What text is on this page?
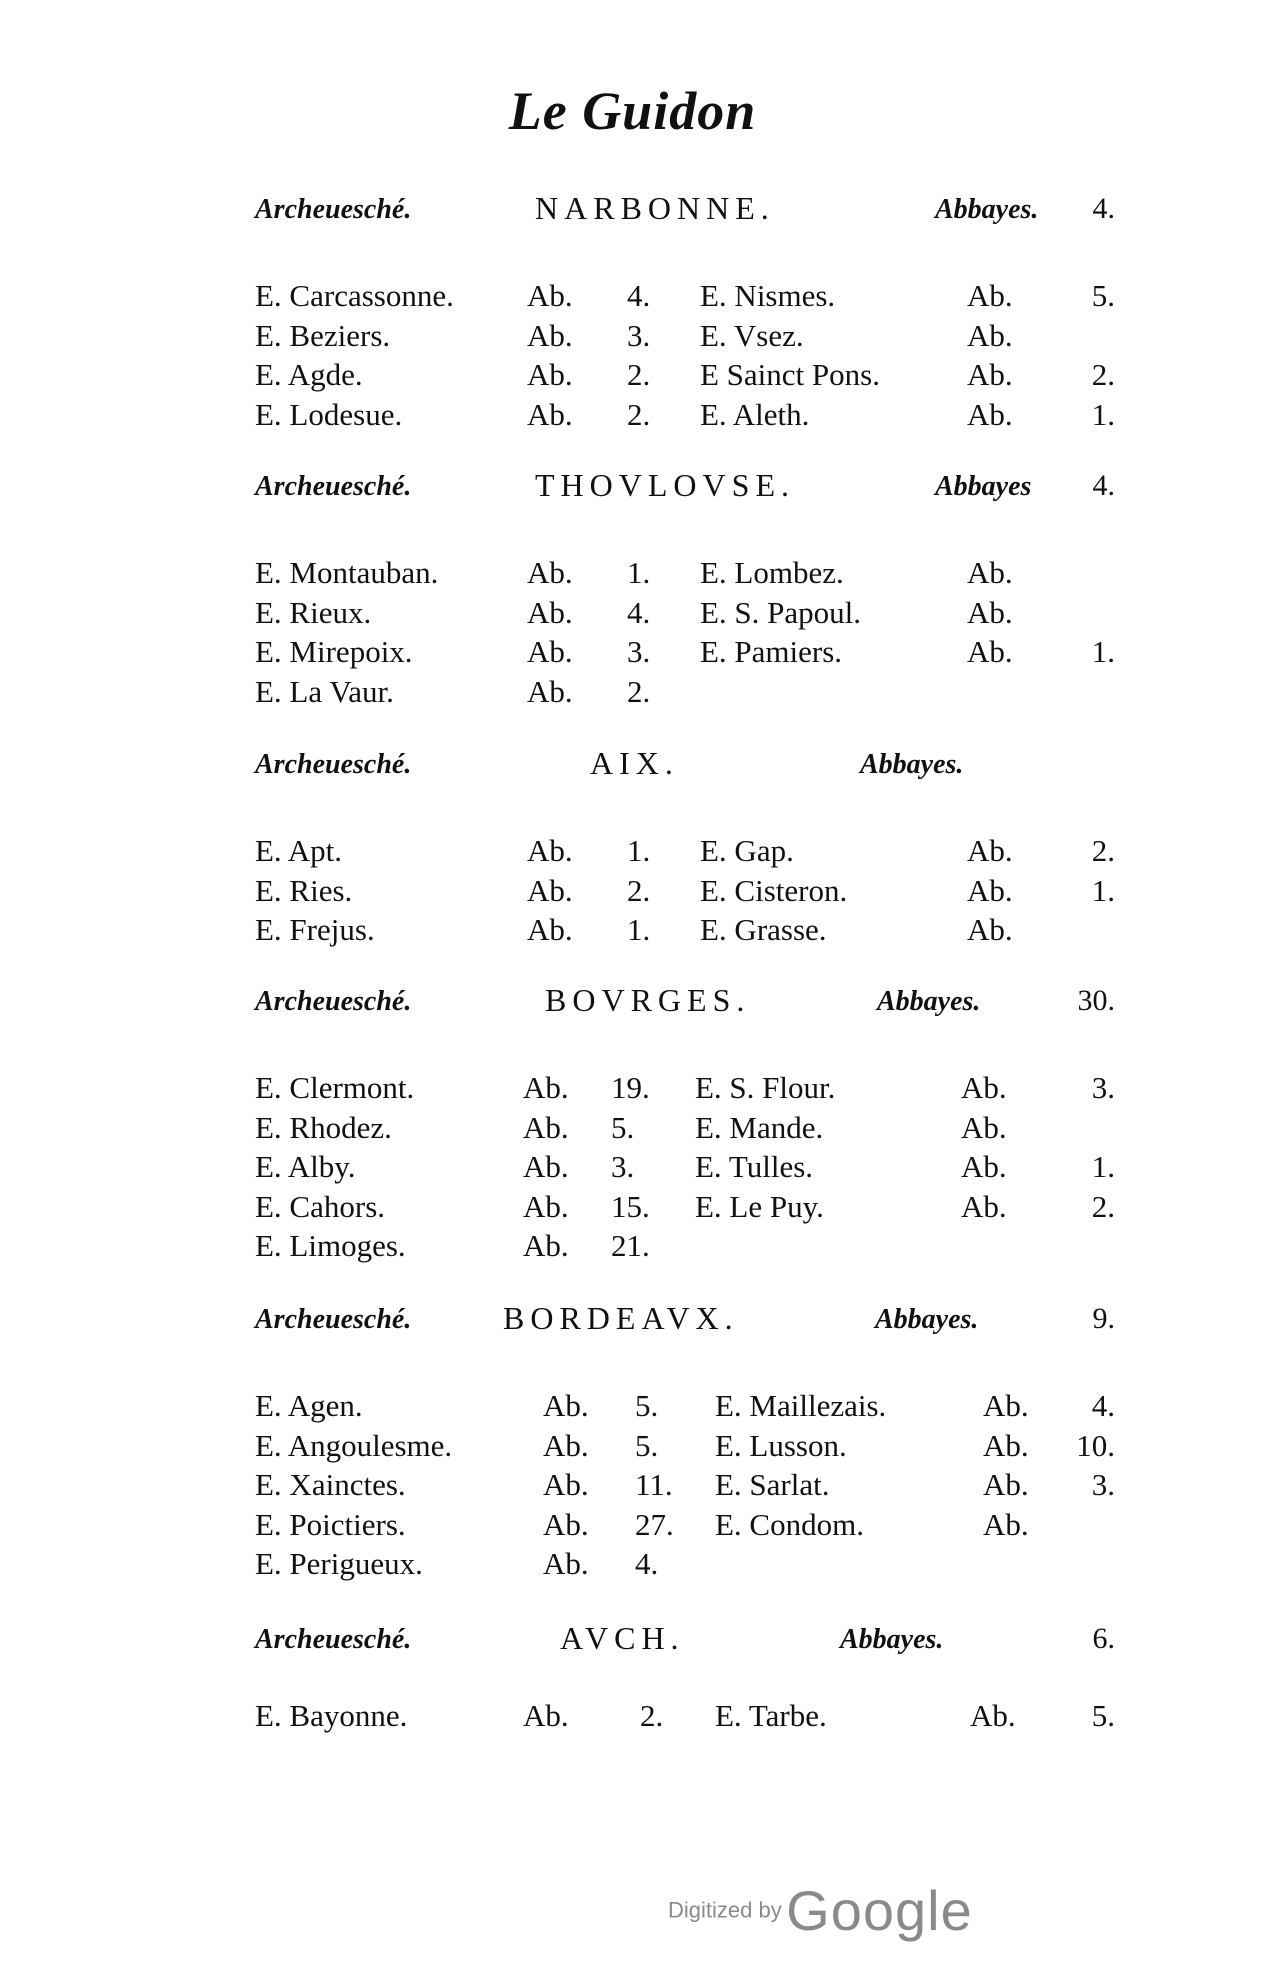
Le Guidon
Archeuesché.	NARBONNE.	Abbayes. 4.
E. Carcassonne. Ab. 4. E. Nismes.	Ab.	5.
E. Beziers.	Ab. 3. E. Vsez.	Ab.
E. Agde.	Ab. 2. E Sainct Pons.	Ab.	2.
E. Lodesue.	Ab. 2. E. Aleth.	Ab.	1.
Archeuesché.	THOVLOVSE.	Abbayes 4.
E. Montauban.	Ab. 1. E. Lombez.	Ab.
E. Rieux.	Ab. 4. E. S. Papoul.	Ab.
E. Mirepoix.	Ab. 3. E. Pamiers.	Ab.	1.
E. La Vaur.	Ab. 2.
Archeuesché.	AIX.	Abbayes.
E. Apt.	Ab. 1. E. Gap.	Ab.	2.
E. Ries.	Ab. 2. E. Cisteron.	Ab.	1.
E. Frejus.	Ab. 1. E. Grasse.	Ab.
Archeuesché.	BOVRGES.	Abbayes.	30.
E. Clermont.	Ab. 19. E. S. Flour.	Ab.	3.
E. Rhodez.	Ab. 5. E. Mande.	Ab.
E. Alby.	Ab. 3. E. Tulles.	Ab.	1.
E. Cahors.	Ab. 15. E. Le Puy.	Ab.	2.
E. Limoges.	Ab. 21.
Archeuesché.	BORDEAVX.	Abbayes.	9.
E. Agen.	Ab. 5. E. Maillezais.	Ab. 4.
E. Angoulesme.	Ab. 5. E. Lusson.	Ab. 10.
E. Xainctes.	Ab. 11. E. Sarlat.	Ab. 3.
E. Poictiers.	Ab. 27. E. Condom.	Ab.
E. Perigueux.	Ab. 4.
Archeuesché.	AVCH.	Abbayes.	6.
E. Bayonne.	Ab. 2. E. Tarbe.	Ab. 5.
Digitized by Google
